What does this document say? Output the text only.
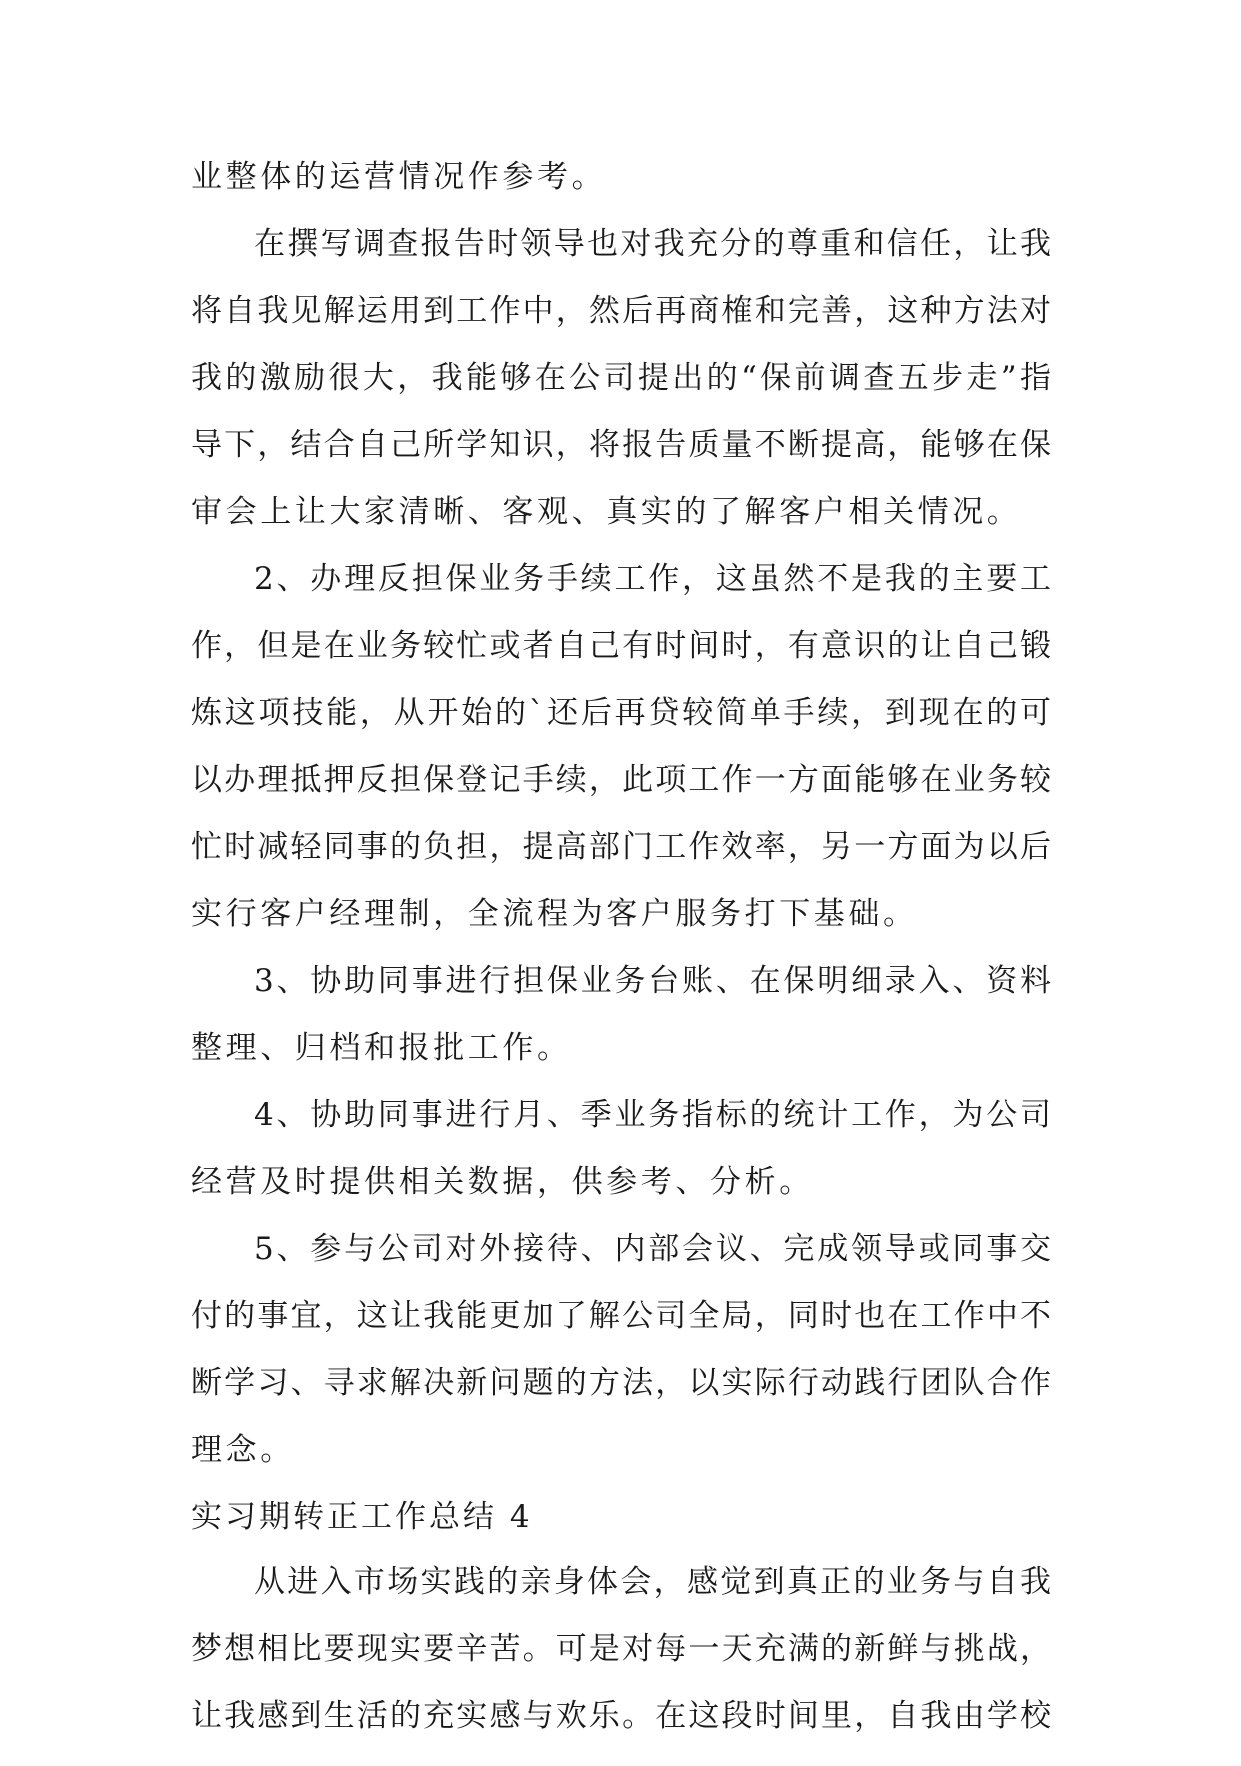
业整体的运营情况作参考。
在撰写调查报告时领导也对我充分的尊重和信任，让我
将自我见解运用到工作中，然后再商榷和完善，这种方法对
我的激励很大，我能够在公司提出的“保前调查五步走”指
导下，结合自己所学知识，将报告质量不断提高，能够在保
审会上让大家清晰、客观、真实的了解客户相关情况。
2、办理反担保业务手续工作，这虽然不是我的主要工
作，但是在业务较忙或者自己有时间时，有意识的让自己锻
炼这项技能，从开始的`还后再贷较简单手续，到现在的可
以办理抵押反担保登记手续，此项工作一方面能够在业务较
忙时减轻同事的负担，提高部门工作效率，另一方面为以后
实行客户经理制，全流程为客户服务打下基础。
3、协助同事进行担保业务台账、在保明细录入、资料
整理、归档和报批工作。
4、协助同事进行月、季业务指标的统计工作，为公司
经营及时提供相关数据，供参考、分析。
5、参与公司对外接待、内部会议、完成领导或同事交
付的事宜，这让我能更加了解公司全局，同时也在工作中不
断学习、寻求解决新问题的方法，以实际行动践行团队合作
理念。
实习期转正工作总结 4
从进入市场实践的亲身体会，感觉到真正的业务与自我
梦想相比要现实要辛苦。可是对每一天充满的新鲜与挑战，
让我感到生活的充实感与欢乐。在这段时间里，自我由学校
